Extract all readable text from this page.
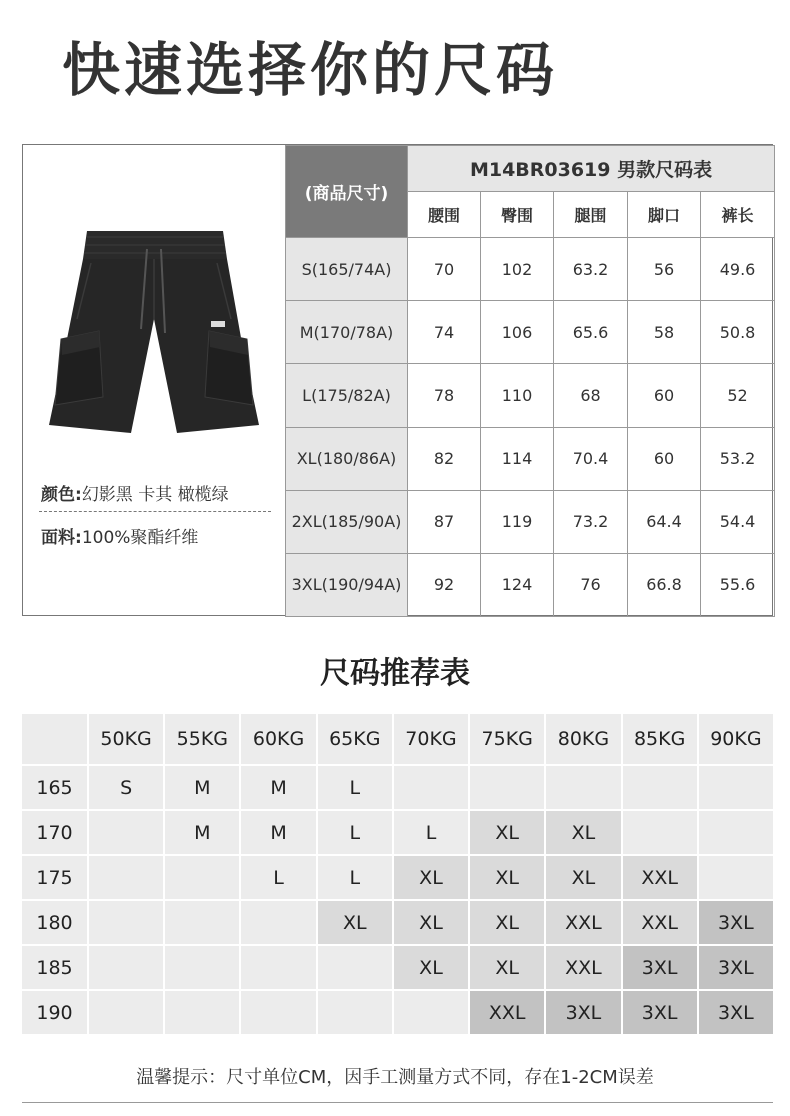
快速选择你的尺码
颜色:幻影黑 卡其 橄榄绿
面料:100%聚酯纤维
(商品尺寸)	M14BR03619 男款尺码表				
	腰围	臀围	腿围	脚口	裤长
S(165/74A)	70	102	63.2	56	49.6
M(170/78A)	74	106	65.6	58	50.8
L(175/82A)	78	110	68	60	52
XL(180/86A)	82	114	70.4	60	53.2
2XL(185/90A)	87	119	73.2	64.4	54.4
3XL(190/94A)	92	124	76	66.8	55.6
尺码推荐表
	50KG	55KG	60KG	65KG	70KG	75KG	80KG	85KG	90KG
165	S	M	M	L					
170		M	M	L	L	XL	XL		
175			L	L	XL	XL	XL	XXL	
180				XL	XL	XL	XXL	XXL	3XL
185					XL	XL	XXL	3XL	3XL
190						XXL	3XL	3XL	3XL

温馨提示：尺寸单位CM，因手工测量方式不同，存在1-2CM误差
